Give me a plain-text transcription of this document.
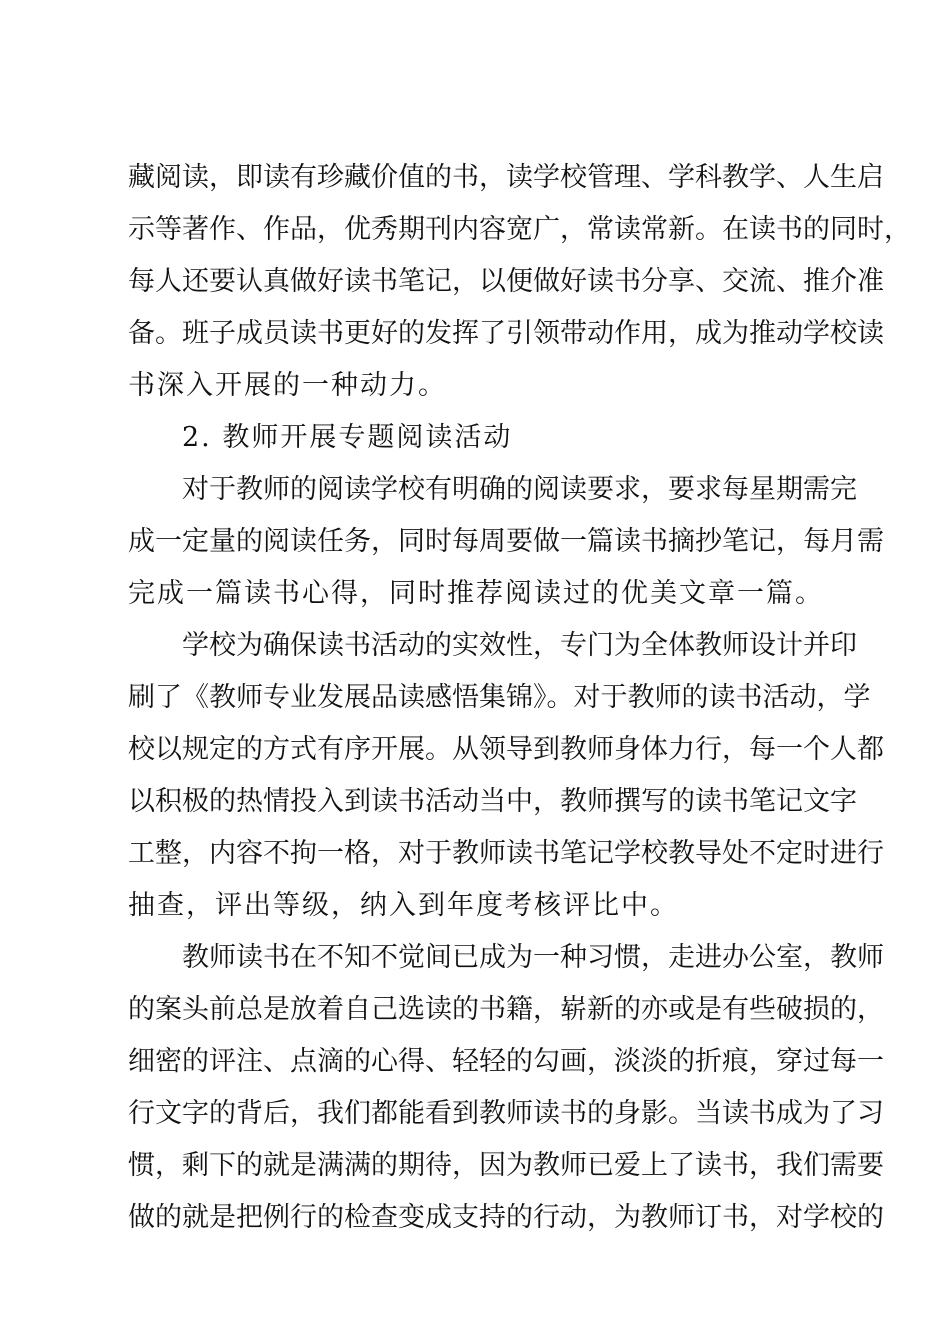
藏阅读，即读有珍藏价值的书，读学校管理、学科教学、人生启
示等著作、作品，优秀期刊内容宽广，常读常新。在读书的同时，
每人还要认真做好读书笔记，以便做好读书分享、交流、推介准
备。班子成员读书更好的发挥了引领带动作用，成为推动学校读
书深入开展的一种动力。
2. 教师开展专题阅读活动
对于教师的阅读学校有明确的阅读要求，要求每星期需完
成一定量的阅读任务，同时每周要做一篇读书摘抄笔记，每月需
完成一篇读书心得，同时推荐阅读过的优美文章一篇。
学校为确保读书活动的实效性，专门为全体教师设计并印
刷了《教师专业发展品读感悟集锦》。对于教师的读书活动，学
校以规定的方式有序开展。从领导到教师身体力行，每一个人都
以积极的热情投入到读书活动当中，教师撰写的读书笔记文字
工整，内容不拘一格，对于教师读书笔记学校教导处不定时进行
抽查，评出等级，纳入到年度考核评比中。
教师读书在不知不觉间已成为一种习惯，走进办公室，教师
的案头前总是放着自己选读的书籍，崭新的亦或是有些破损的，
细密的评注、点滴的心得、轻轻的勾画，淡淡的折痕，穿过每一
行文字的背后，我们都能看到教师读书的身影。当读书成为了习
惯，剩下的就是满满的期待，因为教师已爱上了读书，我们需要
做的就是把例行的检查变成支持的行动，为教师订书，对学校的
